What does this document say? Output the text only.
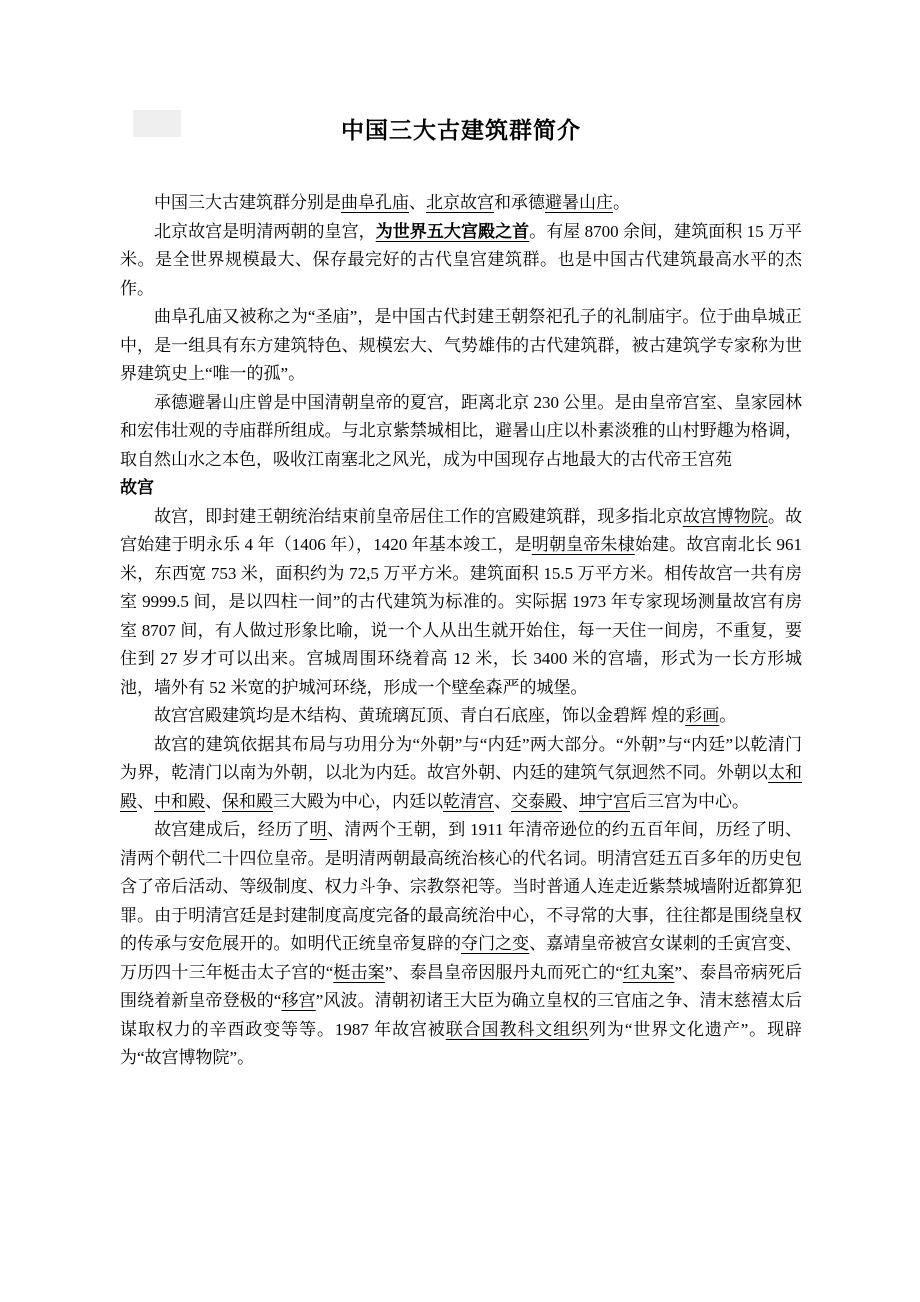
中国三大古建筑群简介

中国三大古建筑群分别是曲阜孔庙、北京故宫和承德避暑山庄。

北京故宫是明清两朝的皇宫，为世界五大宫殿之首。有屋 8700 余间，建筑面积 15 万平米。是全世界规模最大、保存最完好的古代皇宫建筑群。也是中国古代建筑最高水平的杰作。

曲阜孔庙又被称之为“圣庙”，是中国古代封建王朝祭祀孔子的礼制庙宇。位于曲阜城正中，是一组具有东方建筑特色、规模宏大、气势雄伟的古代建筑群，被古建筑学专家称为世界建筑史上“唯一的孤”。

承德避暑山庄曾是中国清朝皇帝的夏宫，距离北京 230 公里。是由皇帝宫室、皇家园林和宏伟壮观的寺庙群所组成。与北京紫禁城相比，避暑山庄以朴素淡雅的山村野趣为格调，取自然山水之本色，吸收江南塞北之风光，成为中国现存占地最大的古代帝王宫苑

故宫

故宫，即封建王朝统治结束前皇帝居住工作的宫殿建筑群，现多指北京故宫博物院。故宫始建于明永乐 4 年（1406 年），1420 年基本竣工，是明朝皇帝朱棣始建。故宫南北长 961 米，东西宽 753 米，面积约为 72,5 万平方米。建筑面积 15.5 万平方米。相传故宫一共有房室 9999.5 间，是以四柱一间”的古代建筑为标准的。实际据 1973 年专家现场测量故宫有房室 8707 间，有人做过形象比喻，说一个人从出生就开始住，每一天住一间房，不重复，要住到 27 岁才可以出来。宫城周围环绕着高 12 米，长 3400 米的宫墙，形式为一长方形城池，墙外有 52 米宽的护城河环绕，形成一个壁垒森严的城堡。

故宫宫殿建筑均是木结构、黄琉璃瓦顶、青白石底座，饰以金碧辉 煌的彩画。

故宫的建筑依据其布局与功用分为“外朝”与“内廷”两大部分。“外朝”与“内廷”以乾清门为界，乾清门以南为外朝，以北为内廷。故宫外朝、内廷的建筑气氛迥然不同。外朝以太和殿、中和殿、保和殿三大殿为中心，内廷以乾清宫、交泰殿、坤宁宫后三宫为中心。

故宫建成后，经历了明、清两个王朝，到 1911 年清帝逊位的约五百年间，历经了明、清两个朝代二十四位皇帝。是明清两朝最高统治核心的代名词。明清宫廷五百多年的历史包含了帝后活动、等级制度、权力斗争、宗教祭祀等。当时普通人连走近紫禁城墙附近都算犯罪。由于明清宫廷是封建制度高度完备的最高统治中心，不寻常的大事，往往都是围绕皇权的传承与安危展开的。如明代正统皇帝复辟的夺门之变、嘉靖皇帝被宫女谋刺的壬寅宫变、万历四十三年梃击太子宫的“梃击案”、泰昌皇帝因服丹丸而死亡的“红丸案”、泰昌帝病死后围绕着新皇帝登极的“移宫”风波。清朝初诸王大臣为确立皇权的三官庙之争、清末慈禧太后谋取权力的辛酉政变等等。1987 年故宫被联合国教科文组织列为“世界文化遗产”。现辟为“故宫博物院”。
